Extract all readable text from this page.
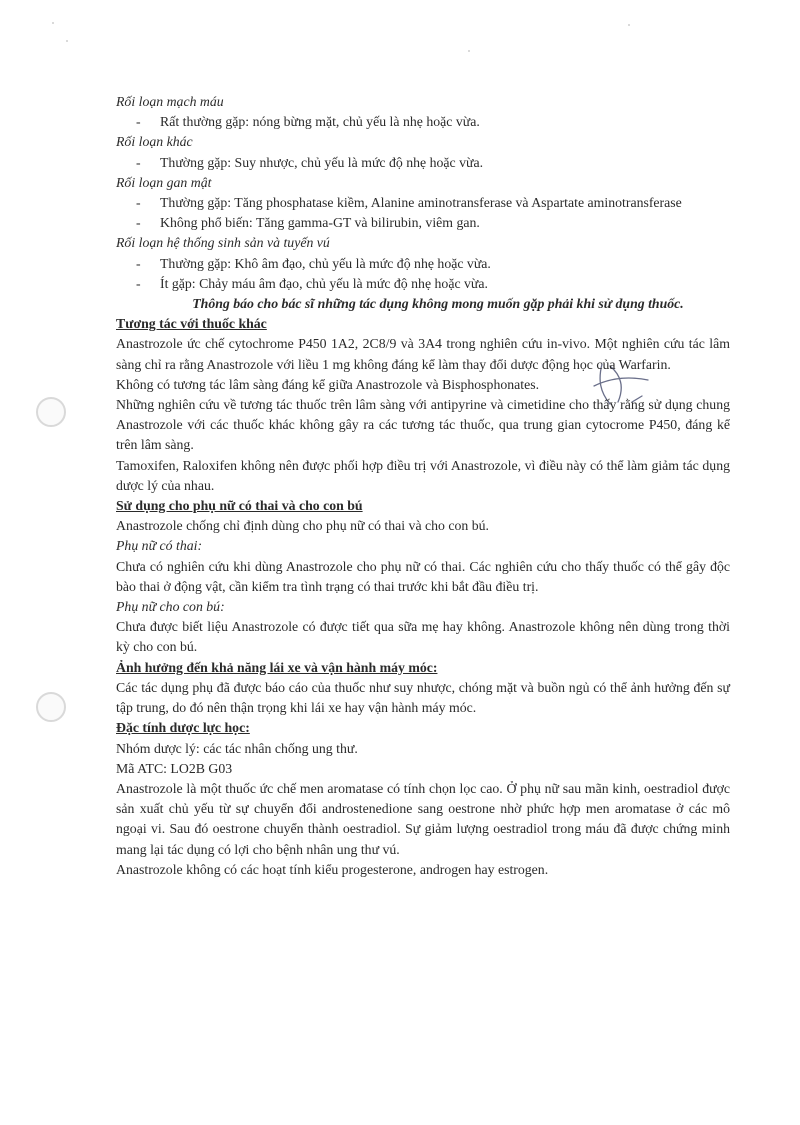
Rối loạn mạch máu

- Rất thường gặp: nóng bừng mặt, chủ yếu là nhẹ hoặc vừa.

Rối loạn khác

- Thường gặp: Suy nhược, chủ yếu là mức độ nhẹ hoặc vừa.

Rối loạn gan mật

- Thường gặp: Tăng phosphatase kiềm, Alanine aminotransferase và Aspartate aminotransferase

- Không phổ biến: Tăng gamma-GT và bilirubin, viêm gan.

Rối loạn hệ thống sinh sản và tuyến vú

- Thường gặp: Khô âm đạo, chủ yếu là mức độ nhẹ hoặc vừa.

- Ít gặp: Chảy máu âm đạo, chủ yếu là mức độ nhẹ hoặc vừa.

Thông báo cho bác sĩ những tác dụng không mong muốn gặp phải khi sử dụng thuốc.

Tương tác với thuốc khác

Anastrozole ức chế cytochrome P450 1A2, 2C8/9 và 3A4 trong nghiên cứu in-vivo. Một nghiên cứu tác lâm sàng chỉ ra rằng Anastrozole với liều 1 mg không đáng kể làm thay đổi dược động học của Warfarin.

Không có tương tác lâm sàng đáng kể giữa Anastrozole và Bisphosphonates.

Những nghiên cứu về tương tác thuốc trên lâm sàng với antipyrine và cimetidine cho thấy rằng sử dụng chung Anastrozole với các thuốc khác không gây ra các tương tác thuốc, qua trung gian cytocrome P450, đáng kể trên lâm sàng.

Tamoxifen, Raloxifen không nên được phối hợp điều trị với Anastrozole, vì điều này có thể làm giảm tác dụng dược lý của nhau.

Sử dụng cho phụ nữ có thai và cho con bú

Anastrozole chống chỉ định dùng cho phụ nữ có thai và cho con bú.

Phụ nữ có thai:

Chưa có nghiên cứu khi dùng Anastrozole cho phụ nữ có thai. Các nghiên cứu cho thấy thuốc có thể gây độc bào thai ở động vật, cần kiểm tra tình trạng có thai trước khi bắt đầu điều trị.

Phụ nữ cho con bú:

Chưa được biết liệu Anastrozole có được tiết qua sữa mẹ hay không. Anastrozole không nên dùng trong thời kỳ cho con bú.

Ảnh hưởng đến khả năng lái xe và vận hành máy móc:

Các tác dụng phụ đã được báo cáo của thuốc như suy nhược, chóng mặt và buồn ngủ có thể ảnh hưởng đến sự tập trung, do đó nên thận trọng khi lái xe hay vận hành máy móc.

Đặc tính dược lực học:

Nhóm dược lý: các tác nhân chống ung thư.

Mã ATC: LO2B G03

Anastrozole là một thuốc ức chế men aromatase có tính chọn lọc cao. Ở phụ nữ sau mãn kinh, oestradiol được sản xuất chủ yếu từ sự chuyển đổi androstenedione sang oestrone nhờ phức hợp men aromatase ở các mô ngoại vi. Sau đó oestrone chuyển thành oestradiol. Sự giảm lượng oestradiol trong máu đã được chứng minh mang lại tác dụng có lợi cho bệnh nhân ung thư vú.

Anastrozole không có các hoạt tính kiểu progesterone, androgen hay estrogen.
